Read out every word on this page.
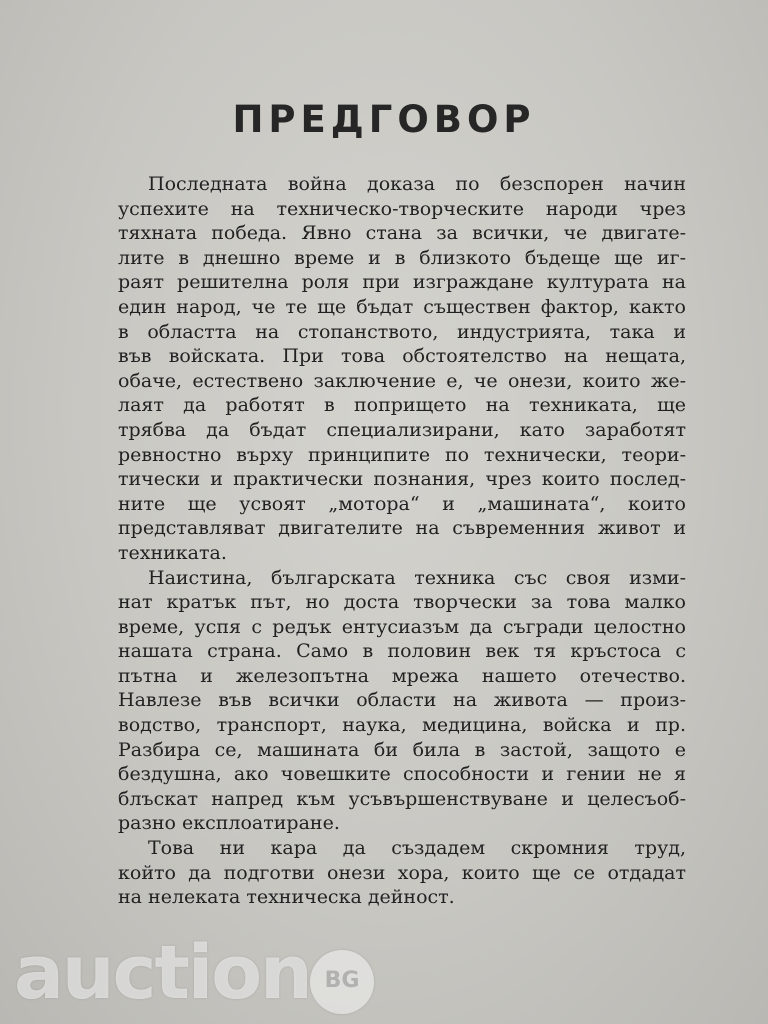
ПРЕДГОВОР
Последната война доказа по безспорен начин
успехите на техническо-творческите народи чрез
тяхната победа. Явно стана за всички, че двигате-
лите в днешно време и в близкото бъдеще ще иг-
раят решителна роля при изграждане културата на
един народ, че те ще бъдат съществен фактор, както
в областта на стопанството, индустрията, така и
във войската. При това обстоятелство на нещата,
обаче, естествено заключение е, че онези, които же-
лаят да работят в попрището на техниката, ще
трябва да бъдат специализирани, като заработят
ревностно върху принципите по технически, теори-
тически и практически познания, чрез които послед-
ните ще усвоят „мотора“ и „машината“, които
представляват двигателите на съвременния живот и
техниката.
Наистина, българската техника със своя изми-
нат кратък път, но доста творчески за това малко
време, успя с редък ентусиазъм да съгради целостно
нашата страна. Само в половин век тя кръстоса с
пътна и железопътна мрежа нашето отечество.
Навлезе във всички области на живота — произ-
водство, транспорт, наука, медицина, войска и пр.
Разбира се, машината би била в застой, защото е
бездушна, ако човешките способности и гении не я
блъскат напред към усъвършенствуване и целесъоб-
разно експлоатиране.
Това ни кара да създадем скромния труд,
който да подготви онези хора, които ще се отдадат
на нелеката техническа дейност.
auction BG
